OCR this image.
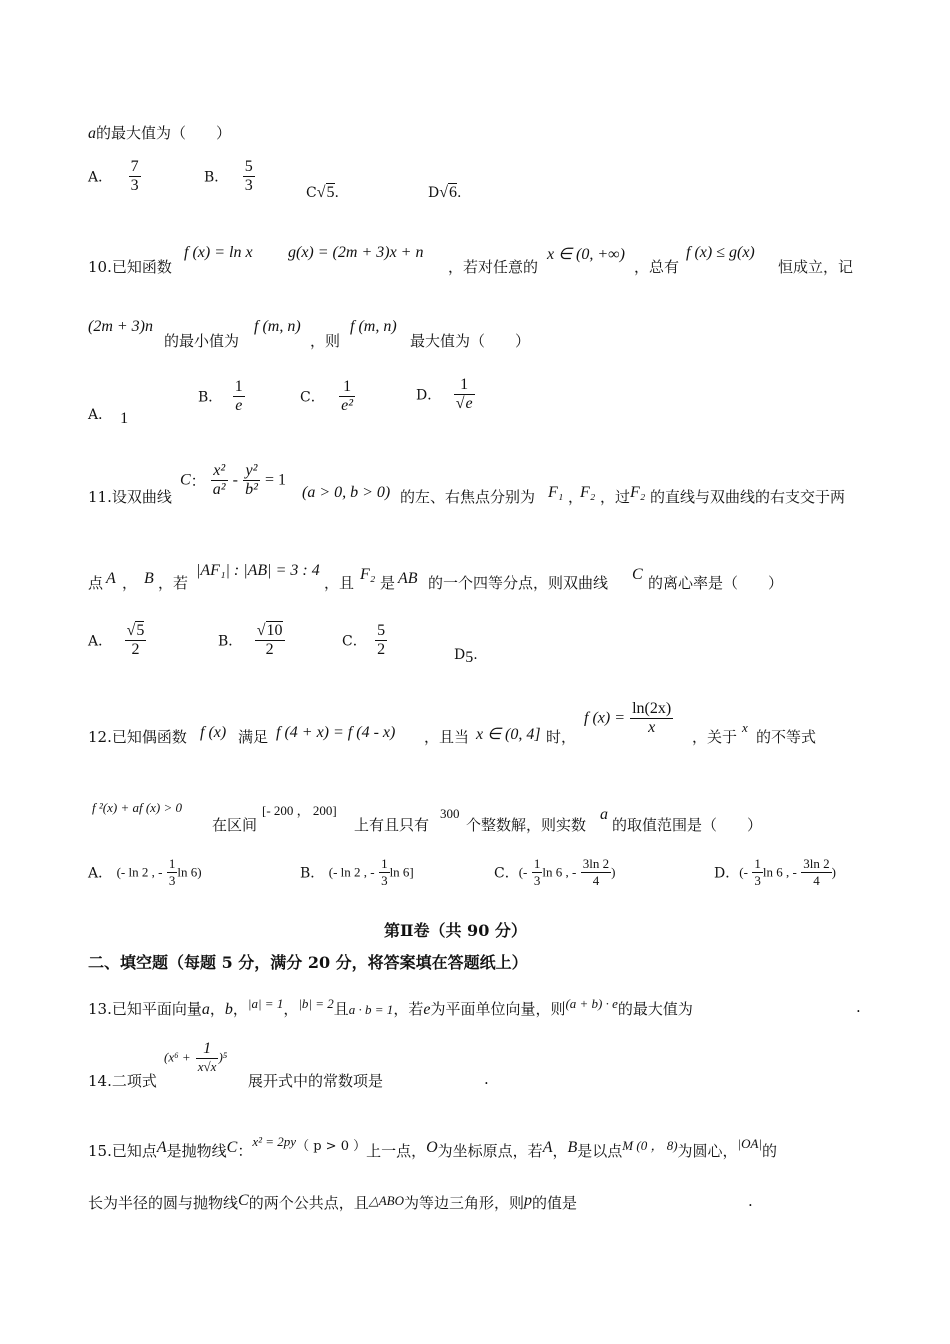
a的最大值为（　　）
A． $\frac{7}{3}$	B． $\frac{5}{3}$	C√5.	D√6.
10.已知函数
f (x) = ln x g(x) = (2m + 3)x + n
，若对任意的
x ∈ (0, +∞)
，总有
f (x) ≤ g(x)
恒成立，记
(2m + 3)n
的最小值为
f (m, n)
，则
f (m, n)
最大值为（　　）
A． 1
B． $\frac{1}{e}$	C． $\frac{1}{\text{e²}}$	D． $\frac{1}{√e}$
11.设双曲线
C： $\frac{\text{x²}}{\text{a²}} - \frac{\text{y²}}{\text{b²}} = 1$
(a > 0, b > 0) 的左、右焦点分别为 F₁ ，
F₂ ，过 F₂ 的直线与双曲线的右支交于两
点 A ， B ，若
|AF₁| : |AB| = 3 : 4
，且 F₂ 是 AB 的一个四等分点，则双曲线 C 的离心率是（　　）
A． $\frac{√5}{2}$	B． $\frac{√10}{2}$	C． $\frac{5}{2}$	D5.
12.已知偶函数 f (x) 满足 f (4 + x) = f (4 - x) ，且当 x ∈ (0, 4] 时，
f $(x) = \frac{\ln(2x)}{x}$ ，关于
x
的不等式
f ²(x) + af (x) > 0
在区间
[- 200 ， 200]
上有且只有
300
个整数解，则实数
a
的取值范围是（　　）
A． (- ln 2 , - $\frac{1}{3}$ ln 6)	B． (- ln 2 , - $\frac{1}{3}$ ln 6]	C．(- $\frac{1}{3}$ ln 6 , - $\frac{3\ln 2}{4}$ )	D．(- $\frac{1}{3}$ ln 6 , - $\frac{3\ln 2}{4}$ )
第Ⅱ卷（共 90 分）
二、填空题（每题 5 分，满分 20 分，将答案填在答题纸上）
13.已知平面向量a，b，|a| = 1，|b| = 2且a · b = 1，若e为平面单位向量，则(a + b) · e的最大值为	.
14.二项式
$(x^6 + \frac{1}{x√x} )^5$
展开式中的常数项是	.
15.已知点A是抛物线C：x² = 2py（ p > 0 ）上一点，O为坐标原点，若A，B是以点M (0 ， 8)为圆心，|OA|的
长为半径的圆与抛物线C的两个公共点，且△ABO为等边三角形，则p的值是	.
